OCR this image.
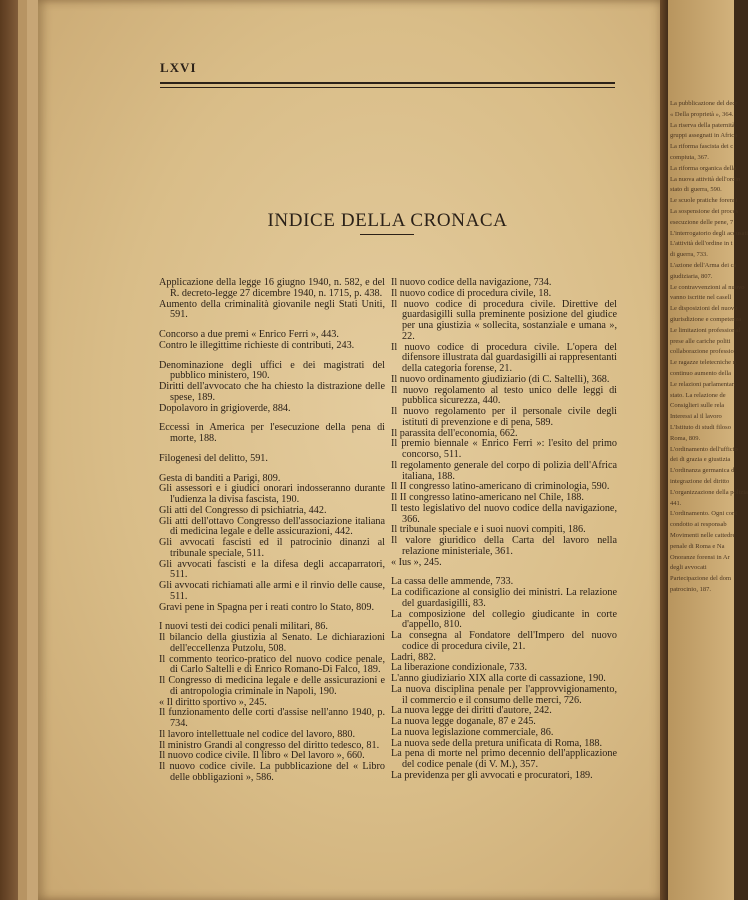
La pubblicazione del decr
« Della proprietà », 364.
La riserva della paternità
gruppi assegnati in Africa
La riforma fascista dei c
compiuta, 367.
La riforma organica della
La nuova attività dell'ordin
stato di guerra, 590.
Le scuole pratiche forensi
La sospensione dei proces
esecuzione delle pene, 7
L'interrogatorio degli accusati
L'attività dell'ordine in t
di guerra, 733.
L'azione dell'Arma dei ca
giudiziaria, 807.
Le contravvenzioni al nuovo
vanno iscritte nel casell
Le disposizioni del nuovo
giurisdizione e competenza
Le limitazioni professional
prese alle cariche politi
collaborazione professio
Le ragazze teletecniche n
continuo aumento della
Le relazioni parlamentari
stato. La relazione de
Consiglieri sulle rela
Interessi al il lavoro
L'Istituto di studi filoso
Roma, 809.
L'ordinamento dell'ufficio
dei di grazia e giustizia
L'ordinanza germanica d
integrazione del diritto
L'organizzazione della polizia
441.
L'ordinamento. Ogni cont
condotto ai responsab
Movimenti nelle cattedre
penale di Roma e Na
Onoranze forensi in Ar
degli avvocati
Partecipazione del dom
patrocinio, 187.
LXVI
INDICE DELLA CRONACA

Applicazione della legge 16 giugno 1940, n. 582, e del R. decreto-legge 27 dicembre 1940, n. 1715, p. 438.

Aumento della criminalità giovanile negli Stati Uniti, 591.

Concorso a due premi « Enrico Ferri », 443.

Contro le illegittime richieste di contributi, 243.

Denominazione degli uffici e dei magistrati del pubblico ministero, 190.

Diritti dell'avvocato che ha chiesto la distrazione delle spese, 189.

Dopolavoro in grigioverde, 884.

Eccessi in America per l'esecuzione della pena di morte, 188.

Filogenesi del delitto, 591.

Gesta di banditi a Parigi, 809.

Gli assessori e i giudici onorari indosseranno durante l'udienza la divisa fascista, 190.

Gli atti del Congresso di psichiatria, 442.

Gli atti dell'ottavo Congresso dell'associazione italiana di medicina legale e delle assicurazioni, 442.

Gli avvocati fascisti ed il patrocinio dinanzi al tribunale speciale, 511.

Gli avvocati fascisti e la difesa degli accaparratori, 511.

Gli avvocati richiamati alle armi e il rinvio delle cause, 511.

Gravi pene in Spagna per i reati contro lo Stato, 809.

I nuovi testi dei codici penali militari, 86.

Il bilancio della giustizia al Senato. Le dichiarazioni dell'eccellenza Putzolu, 508.

Il commento teorico-pratico del nuovo codice penale, di Carlo Saltelli e di Enrico Romano-Di Falco, 189.

Il Congresso di medicina legale e delle assicurazioni e di antropologia criminale in Napoli, 190.

« Il diritto sportivo », 245.

Il funzionamento delle corti d'assise nell'anno 1940, p. 734.

Il lavoro intellettuale nel codice del lavoro, 880.

Il ministro Grandi al congresso del diritto tedesco, 81.

Il nuovo codice civile. Il libro « Del lavoro », 660.

Il nuovo codice civile. La pubblicazione del « Libro delle obbligazioni », 586.

Il nuovo codice della navigazione, 734.

Il nuovo codice di procedura civile, 18.

Il nuovo codice di procedura civile. Direttive del guardasigilli sulla preminente posizione del giudice per una giustizia « sollecita, sostanziale e umana », 22.

Il nuovo codice di procedura civile. L'opera del difensore illustrata dal guardasigilli ai rappresentanti della categoria forense, 21.

Il nuovo ordinamento giudiziario (di C. Saltelli), 368.

Il nuovo regolamento al testo unico delle leggi di pubblica sicurezza, 440.

Il nuovo regolamento per il personale civile degli istituti di prevenzione e di pena, 589.

Il parassita dell'economia, 662.

Il premio biennale « Enrico Ferri »: l'esito del primo concorso, 511.

Il regolamento generale del corpo di polizia dell'Africa italiana, 188.

Il II congresso latino-americano di criminologia, 590.

Il II congresso latino-americano nel Chile, 188.

Il testo legislativo del nuovo codice della navigazione, 366.

Il tribunale speciale e i suoi nuovi compiti, 186.

Il valore giuridico della Carta del lavoro nella relazione ministeriale, 361.

« Ius », 245.

La cassa delle ammende, 733.

La codificazione al consiglio dei ministri. La relazione del guardasigilli, 83.

La composizione del collegio giudicante in corte d'appello, 810.

La consegna al Fondatore dell'Impero del nuovo codice di procedura civile, 21.

Ladri, 882.

La liberazione condizionale, 733.

L'anno giudiziario XIX alla corte di cassazione, 190.

La nuova disciplina penale per l'approvvigionamento, il commercio e il consumo delle merci, 726.

La nuova legge dei diritti d'autore, 242.

La nuova legge doganale, 87 e 245.

La nuova legislazione commerciale, 86.

La nuova sede della pretura unificata di Roma, 188.

La pena di morte nel primo decennio dell'applicazione del codice penale (di V. M.), 357.

La previdenza per gli avvocati e procuratori, 189.
